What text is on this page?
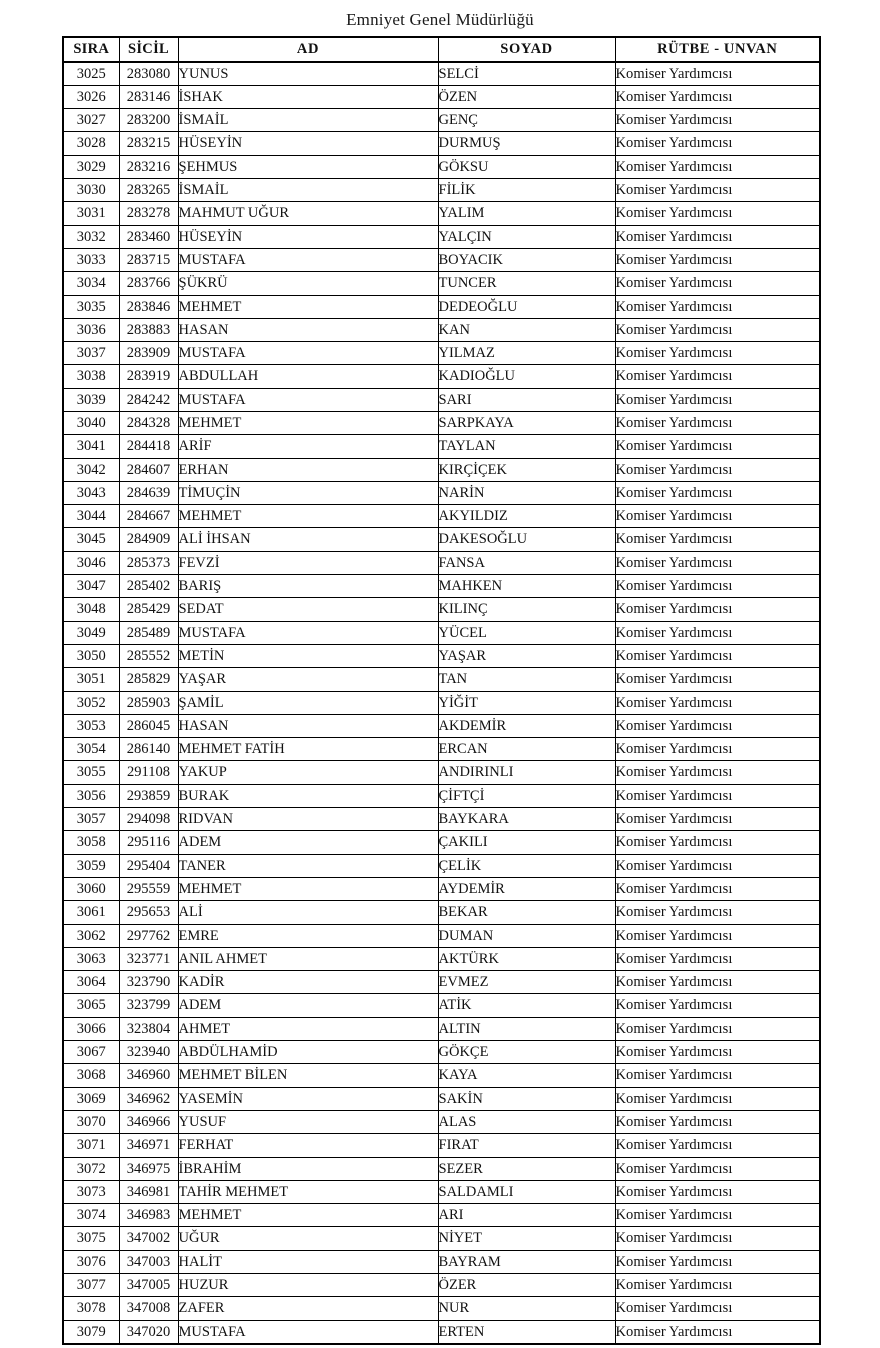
Emniyet Genel Müdürlüğü
SIRA	SİCİL	AD	SOYAD	RÜTBE - UNVAN
3025	283080	YUNUS	SELCİ	Komiser Yardımcısı
3026	283146	İSHAK	ÖZEN	Komiser Yardımcısı
3027	283200	İSMAİL	GENÇ	Komiser Yardımcısı
3028	283215	HÜSEYİN	DURMUŞ	Komiser Yardımcısı
3029	283216	ŞEHMUS	GÖKSU	Komiser Yardımcısı
3030	283265	İSMAİL	FİLİK	Komiser Yardımcısı
3031	283278	MAHMUT UĞUR	YALIM	Komiser Yardımcısı
3032	283460	HÜSEYİN	YALÇIN	Komiser Yardımcısı
3033	283715	MUSTAFA	BOYACIK	Komiser Yardımcısı
3034	283766	ŞÜKRÜ	TUNCER	Komiser Yardımcısı
3035	283846	MEHMET	DEDEOĞLU	Komiser Yardımcısı
3036	283883	HASAN	KAN	Komiser Yardımcısı
3037	283909	MUSTAFA	YILMAZ	Komiser Yardımcısı
3038	283919	ABDULLAH	KADIOĞLU	Komiser Yardımcısı
3039	284242	MUSTAFA	SARI	Komiser Yardımcısı
3040	284328	MEHMET	SARPKAYA	Komiser Yardımcısı
3041	284418	ARİF	TAYLAN	Komiser Yardımcısı
3042	284607	ERHAN	KIRÇİÇEK	Komiser Yardımcısı
3043	284639	TİMUÇİN	NARİN	Komiser Yardımcısı
3044	284667	MEHMET	AKYILDIZ	Komiser Yardımcısı
3045	284909	ALİ İHSAN	DAKESOĞLU	Komiser Yardımcısı
3046	285373	FEVZİ	FANSA	Komiser Yardımcısı
3047	285402	BARIŞ	MAHKEN	Komiser Yardımcısı
3048	285429	SEDAT	KILINÇ	Komiser Yardımcısı
3049	285489	MUSTAFA	YÜCEL	Komiser Yardımcısı
3050	285552	METİN	YAŞAR	Komiser Yardımcısı
3051	285829	YAŞAR	TAN	Komiser Yardımcısı
3052	285903	ŞAMİL	YİĞİT	Komiser Yardımcısı
3053	286045	HASAN	AKDEMİR	Komiser Yardımcısı
3054	286140	MEHMET FATİH	ERCAN	Komiser Yardımcısı
3055	291108	YAKUP	ANDIRINLI	Komiser Yardımcısı
3056	293859	BURAK	ÇİFTÇİ	Komiser Yardımcısı
3057	294098	RIDVAN	BAYKARA	Komiser Yardımcısı
3058	295116	ADEM	ÇAKILI	Komiser Yardımcısı
3059	295404	TANER	ÇELİK	Komiser Yardımcısı
3060	295559	MEHMET	AYDEMİR	Komiser Yardımcısı
3061	295653	ALİ	BEKAR	Komiser Yardımcısı
3062	297762	EMRE	DUMAN	Komiser Yardımcısı
3063	323771	ANIL AHMET	AKTÜRK	Komiser Yardımcısı
3064	323790	KADİR	EVMEZ	Komiser Yardımcısı
3065	323799	ADEM	ATİK	Komiser Yardımcısı
3066	323804	AHMET	ALTIN	Komiser Yardımcısı
3067	323940	ABDÜLHAMİD	GÖKÇE	Komiser Yardımcısı
3068	346960	MEHMET BİLEN	KAYA	Komiser Yardımcısı
3069	346962	YASEMİN	SAKİN	Komiser Yardımcısı
3070	346966	YUSUF	ALAS	Komiser Yardımcısı
3071	346971	FERHAT	FIRAT	Komiser Yardımcısı
3072	346975	İBRAHİM	SEZER	Komiser Yardımcısı
3073	346981	TAHİR MEHMET	SALDAMLI	Komiser Yardımcısı
3074	346983	MEHMET	ARI	Komiser Yardımcısı
3075	347002	UĞUR	NİYET	Komiser Yardımcısı
3076	347003	HALİT	BAYRAM	Komiser Yardımcısı
3077	347005	HUZUR	ÖZER	Komiser Yardımcısı
3078	347008	ZAFER	NUR	Komiser Yardımcısı
3079	347020	MUSTAFA	ERTEN	Komiser Yardımcısı
